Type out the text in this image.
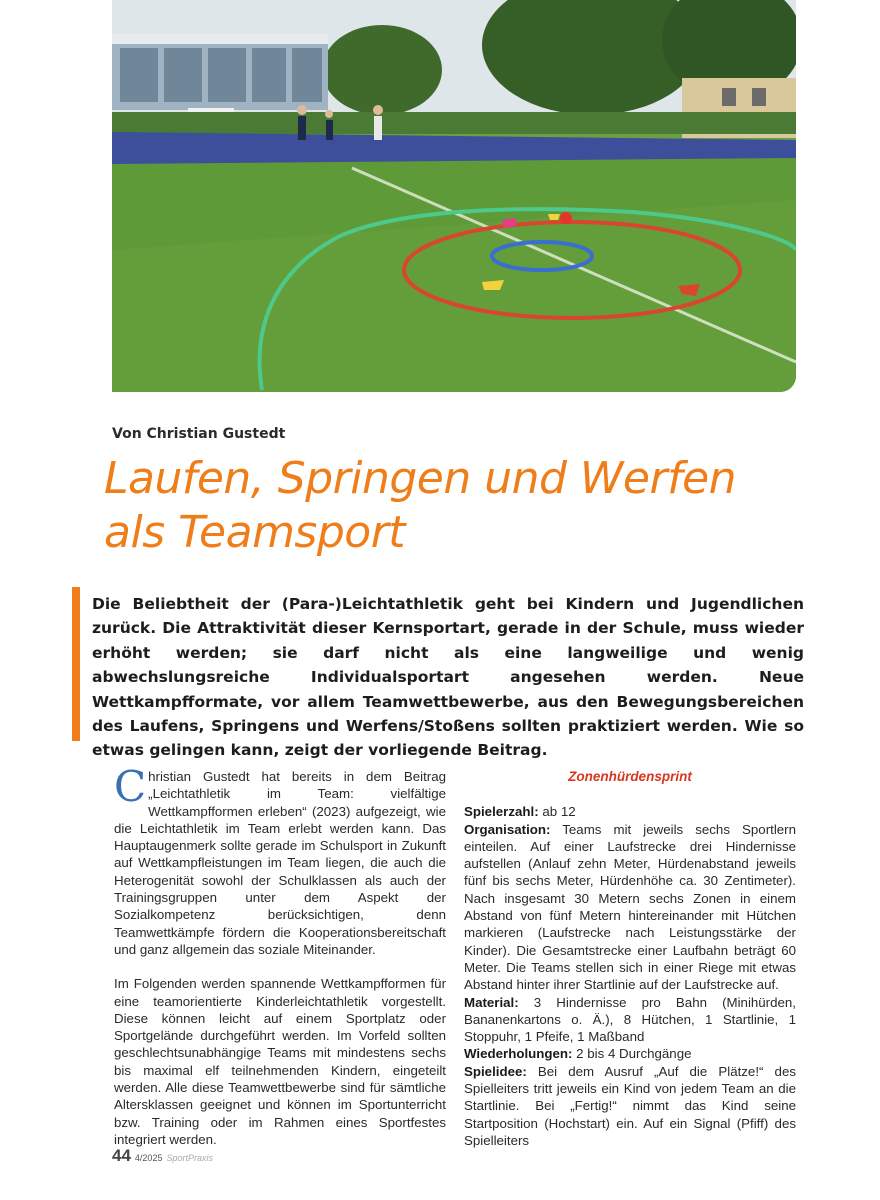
Von Christian Gustedt
Laufen, Springen und Werfen
als Teamsport
Die Beliebtheit der (Para-)Leichtathletik geht bei Kindern und Jugendlichen zurück. Die Attraktivität dieser Kernsportart, gerade in der Schule, muss wieder erhöht werden; sie darf nicht als eine langweilige und wenig abwechslungsreiche Individualsportart angesehen werden. Neue Wettkampfformate, vor allem Teamwettbewerbe, aus den Bewegungsbereichen des Laufens, Springens und Werfens/Stoßens sollten praktiziert werden. Wie so etwas gelingen kann, zeigt der vorliegende Beitrag.

Christian Gustedt hat bereits in dem Beitrag „Leichtathletik im Team: vielfältige Wettkampfformen erleben“ (2023) aufgezeigt, wie die Leichtathletik im Team erlebt werden kann. Das Hauptaugenmerk sollte gerade im Schulsport in Zukunft auf Wettkampfleistungen im Team liegen, die auch die Heterogenität sowohl der Schulklassen als auch der Trainingsgruppen unter dem Aspekt der Sozialkompetenz berücksichtigen, denn Teamwettkämpfe fördern die Kooperationsbereitschaft und ganz allgemein das soziale Miteinander.

Im Folgenden werden spannende Wettkampfformen für eine teamorientierte Kinderleichtathletik vorgestellt. Diese können leicht auf einem Sportplatz oder Sportgelände durchgeführt werden. Im Vorfeld sollten geschlechtsunabhängige Teams mit mindestens sechs bis maximal elf teilnehmenden Kindern, eingeteilt werden. Alle diese Teamwettbewerbe sind für sämtliche Altersklassen geeignet und können im Sportunterricht bzw. Training oder im Rahmen eines Sportfestes integriert werden.

Zonenhürdensprint

Spielerzahl: ab 12

Organisation: Teams mit jeweils sechs Sportlern einteilen. Auf einer Laufstrecke drei Hindernisse aufstellen (Anlauf zehn Meter, Hürdenabstand jeweils fünf bis sechs Meter, Hürdenhöhe ca. 30 Zentimeter). Nach insgesamt 30 Metern sechs Zonen in einem Abstand von fünf Metern hintereinander mit Hütchen markieren (Laufstrecke nach Leistungsstärke der Kinder). Die Gesamtstrecke einer Laufbahn beträgt 60 Meter. Die Teams stellen sich in einer Riege mit etwas Abstand hinter ihrer Startlinie auf der Laufstrecke auf.

Material: 3 Hindernisse pro Bahn (Minihürden, Bananenkartons o. Ä.), 8 Hütchen, 1 Startlinie, 1 Stoppuhr, 1 Pfeife, 1 Maßband

Wiederholungen: 2 bis 4 Durchgänge

Spielidee: Bei dem Ausruf „Auf die Plätze!“ des Spielleiters tritt jeweils ein Kind von jedem Team an die Startlinie. Bei „Fertig!“ nimmt das Kind seine Startposition (Hochstart) ein. Auf ein Signal (Pfiff) des Spielleiters

44 4/2025 SportPraxis
